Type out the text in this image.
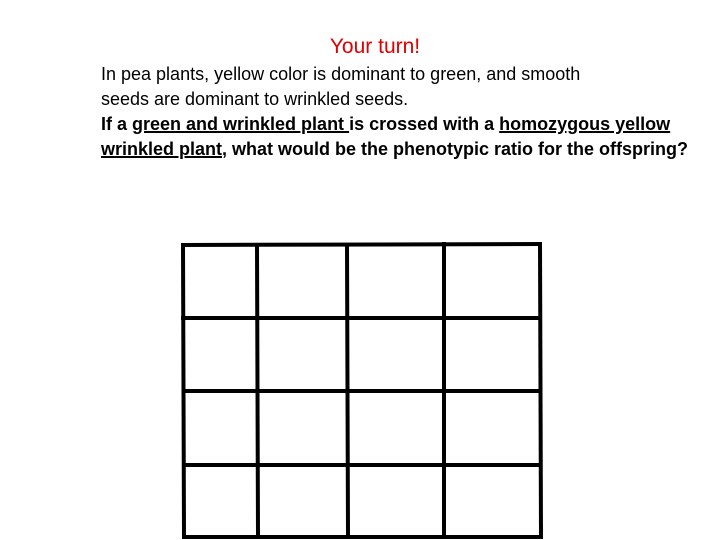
Your turn!

In pea plants, yellow color is dominant to green, and smooth

seeds are dominant to wrinkled seeds.

If a green and wrinkled plant is crossed with a homozygous yellow wrinkled plant, what would be the phenotypic ratio for the offspring?
